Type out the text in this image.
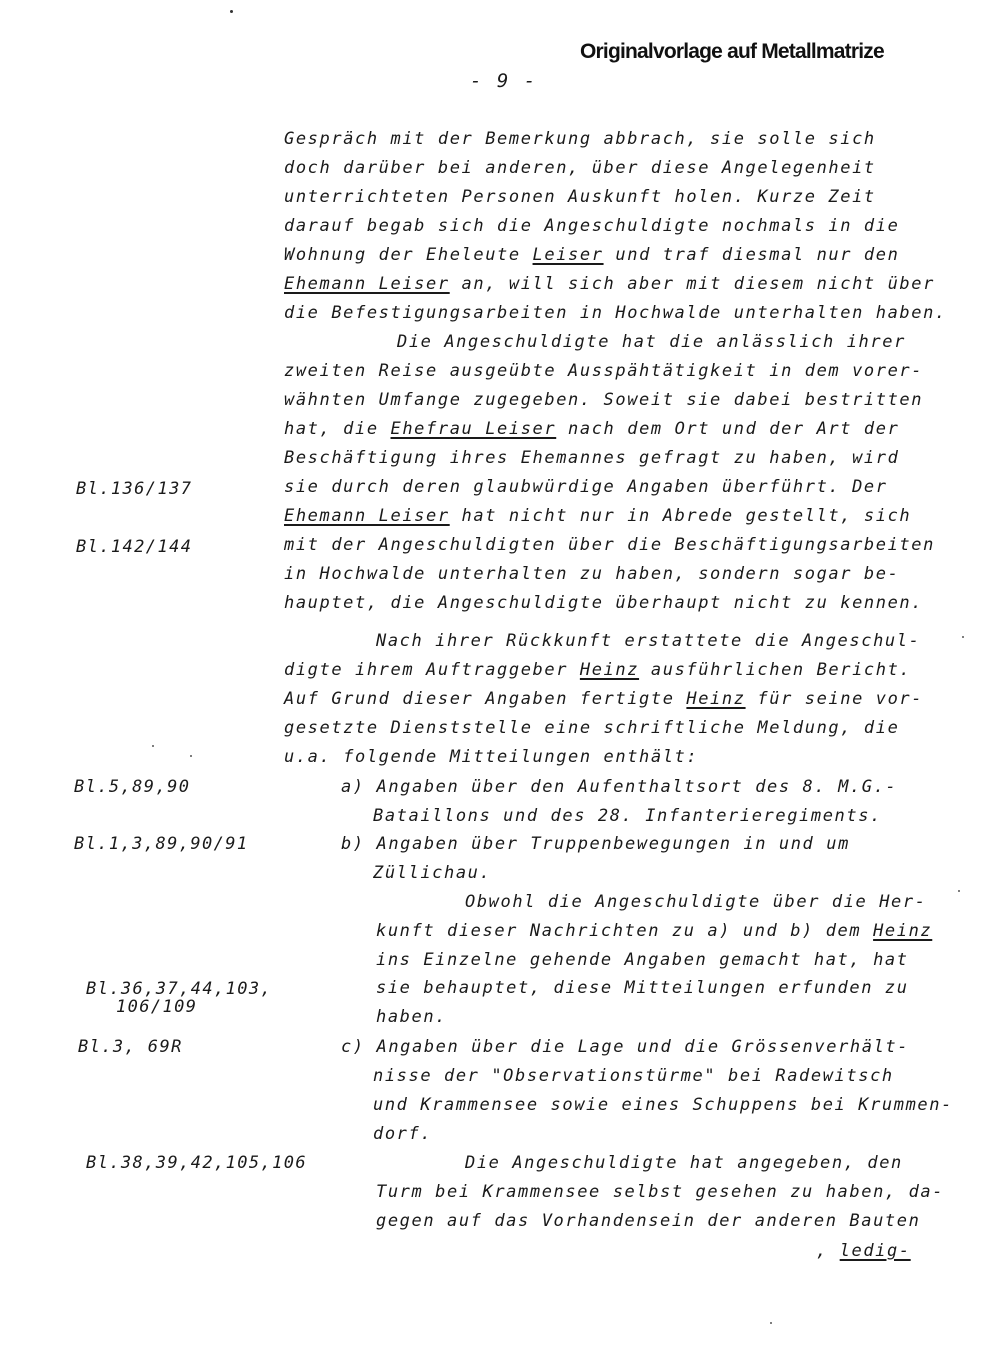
Originalvorlage auf Metallmatrize
- 9 -
Gespräch mit der Bemerkung abbrach, sie solle sich
doch darüber bei anderen, über diese Angelegenheit
unterrichteten Personen Auskunft holen. Kurze Zeit
darauf begab sich die Angeschuldigte nochmals in die
Wohnung der Eheleute Leiser und traf diesmal nur den
Ehemann Leiser an, will sich aber mit diesem nicht über
die Befestigungsarbeiten in Hochwalde unterhalten haben.
Die Angeschuldigte hat die anlässlich ihrer
zweiten Reise ausgeübte Ausspähtätigkeit in dem vorer-
wähnten Umfange zugegeben. Soweit sie dabei bestritten
hat, die Ehefrau Leiser nach dem Ort und der Art der
Beschäftigung ihres Ehemannes gefragt zu haben, wird
sie durch deren glaubwürdige Angaben überführt. Der
Ehemann Leiser hat nicht nur in Abrede gestellt, sich
mit der Angeschuldigten über die Beschäftigungsarbeiten
in Hochwalde unterhalten zu haben, sondern sogar be-
hauptet, die Angeschuldigte überhaupt nicht zu kennen.
Nach ihrer Rückkunft erstattete die Angeschul-
digte ihrem Auftraggeber Heinz ausführlichen Bericht.
Auf Grund dieser Angaben fertigte Heinz für seine vor-
gesetzte Dienststelle eine schriftliche Meldung, die
u.a. folgende Mitteilungen enthält:
a) Angaben über den Aufenthaltsort des 8. M.G.-
Bataillons und des 28. Infanterieregiments.
b) Angaben über Truppenbewegungen in und um
Züllichau.
Obwohl die Angeschuldigte über die Her-
kunft dieser Nachrichten zu a) und b) dem Heinz
ins Einzelne gehende Angaben gemacht hat, hat
sie behauptet, diese Mitteilungen erfunden zu
haben.
c) Angaben über die Lage und die Grössenverhält-
nisse der "Observationstürme" bei Radewitsch
und Krammensee sowie eines Schuppens bei Krummen-
dorf.
Die Angeschuldigte hat angegeben, den
Turm bei Krammensee selbst gesehen zu haben, da-
gegen auf das Vorhandensein der anderen Bauten
, ledig-
Bl.136/137
Bl.142/144
Bl.5,89,90
Bl.1,3,89,90/91
Bl.36,37,44,103,
106/109
Bl.3, 69R
Bl.38,39,42,105,106
